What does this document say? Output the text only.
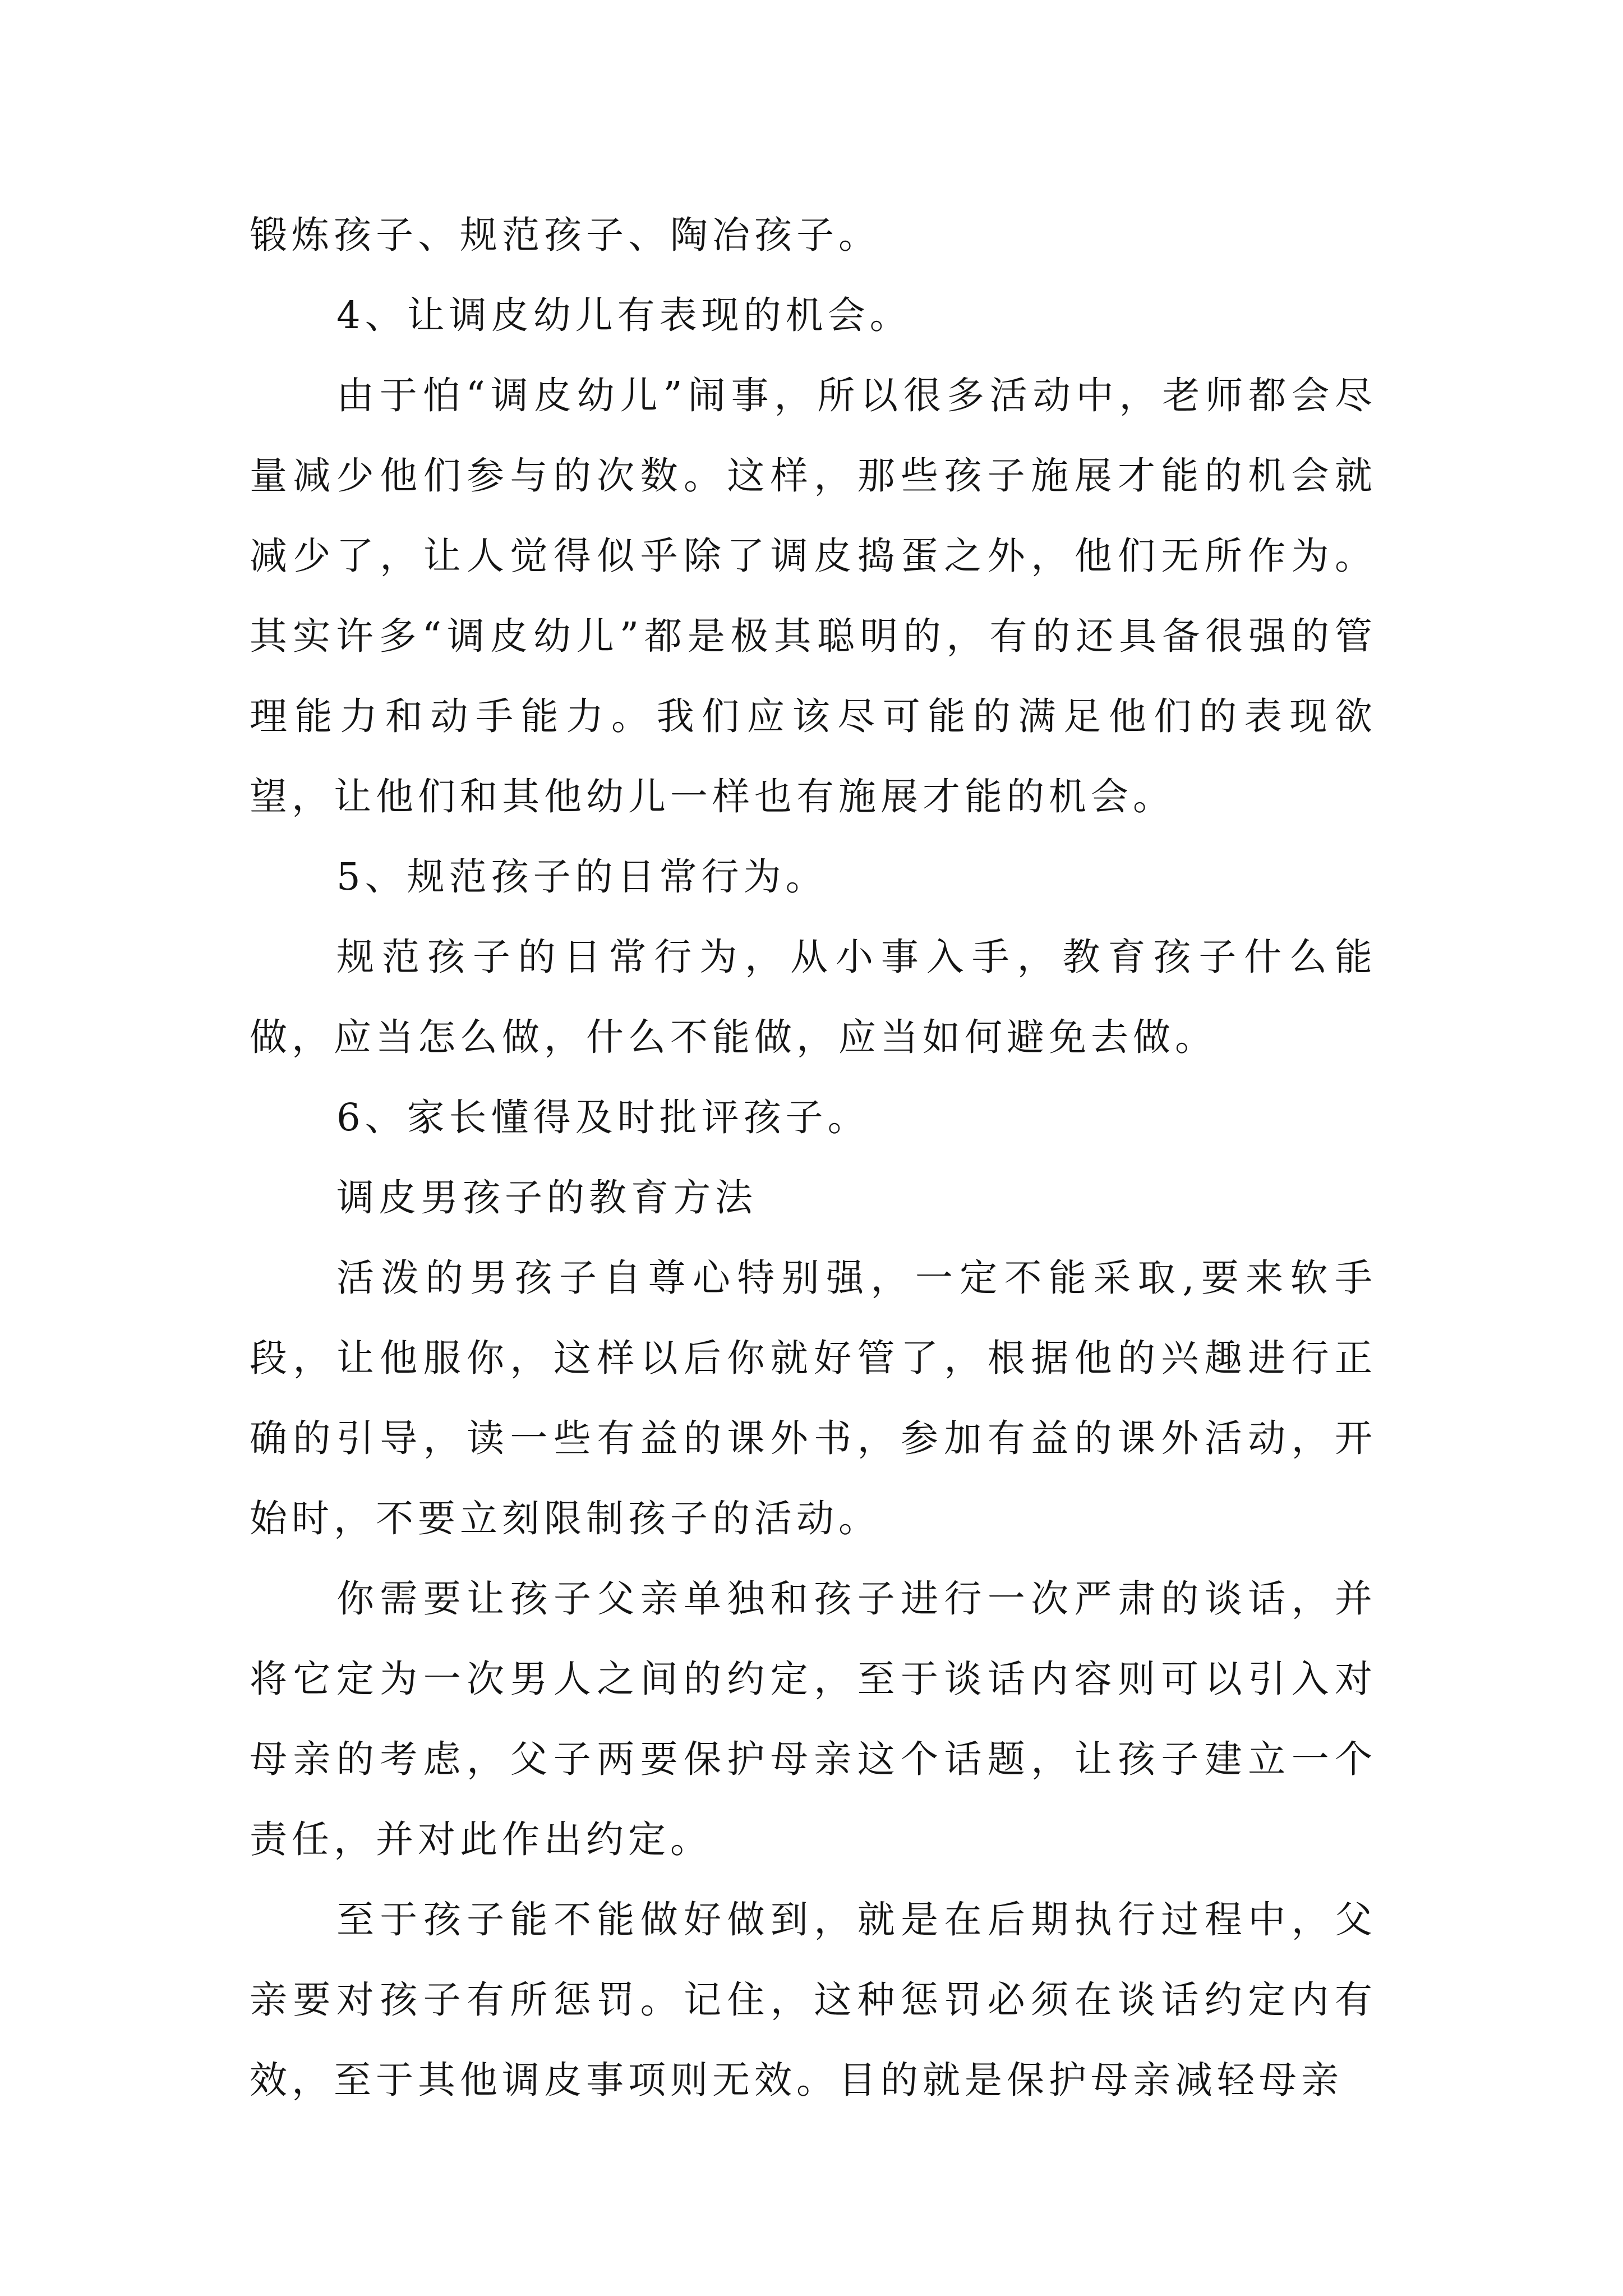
锻炼孩子、规范孩子、陶冶孩子。

4、让调皮幼儿有表现的机会。

由于怕“调皮幼儿”闹事，所以很多活动中，老师都会尽量减少他们参与的次数。这样，那些孩子施展才能的机会就减少了，让人觉得似乎除了调皮捣蛋之外，他们无所作为。其实许多“调皮幼儿”都是极其聪明的，有的还具备很强的管理能力和动手能力。我们应该尽可能的满足他们的表现欲望，让他们和其他幼儿一样也有施展才能的机会。

5、规范孩子的日常行为。

规范孩子的日常行为，从小事入手，教育孩子什么能做，应当怎么做，什么不能做，应当如何避免去做。

6、家长懂得及时批评孩子。

调皮男孩子的教育方法

活泼的男孩子自尊心特别强，一定不能采取,要来软手段，让他服你，这样以后你就好管了，根据他的兴趣进行正确的引导，读一些有益的课外书，参加有益的课外活动，开始时，不要立刻限制孩子的活动。

你需要让孩子父亲单独和孩子进行一次严肃的谈话，并将它定为一次男人之间的约定，至于谈话内容则可以引入对母亲的考虑，父子两要保护母亲这个话题，让孩子建立一个责任，并对此作出约定。

至于孩子能不能做好做到，就是在后期执行过程中，父亲要对孩子有所惩罚。记住，这种惩罚必须在谈话约定内有效，至于其他调皮事项则无效。目的就是保护母亲减轻母亲
